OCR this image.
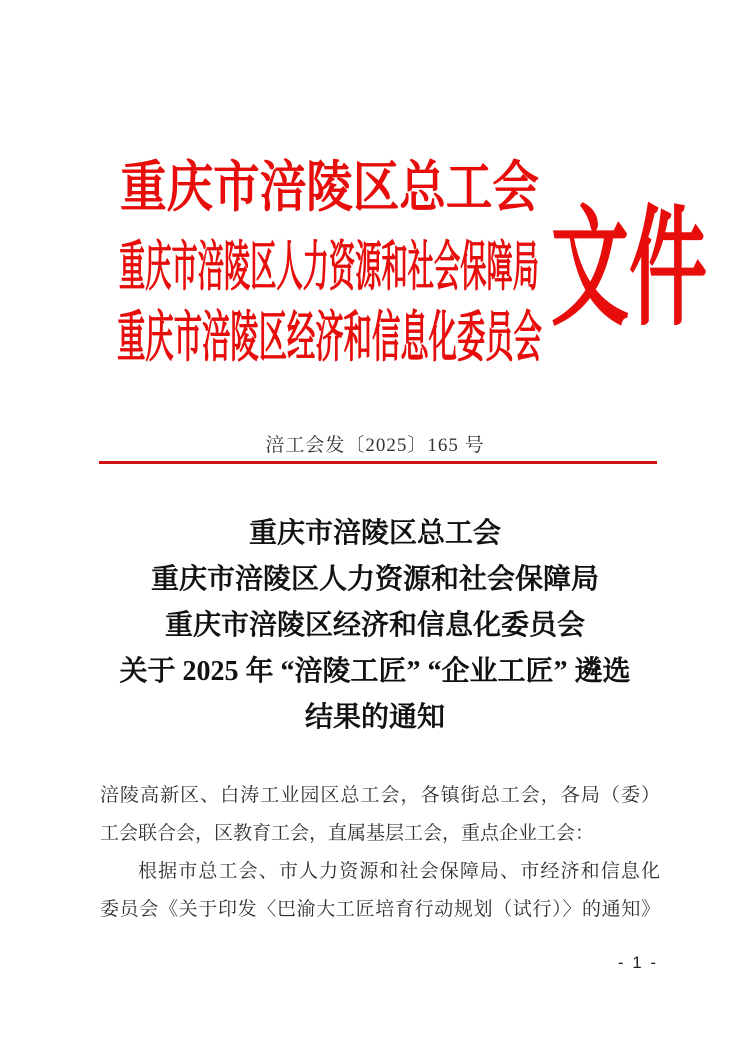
重庆市涪陵区总工会
重庆市涪陵区人力资源和社会保障局
重庆市涪陵区经济和信息化委员会 文件
涪工会发〔2025〕165 号
重庆市涪陵区总工会
重庆市涪陵区人力资源和社会保障局
重庆市涪陵区经济和信息化委员会
关于 2025 年 “涪陵工匠” “企业工匠” 遴选
结果的通知
涪陵高新区、白涛工业园区总工会，各镇街总工会，各局（委）
工会联合会，区教育工会，直属基层工会，重点企业工会：
根据市总工会、市人力资源和社会保障局、市经济和信息化
委员会《关于印发〈巴渝大工匠培育行动规划（试行）〉的通知》
- 1 -
